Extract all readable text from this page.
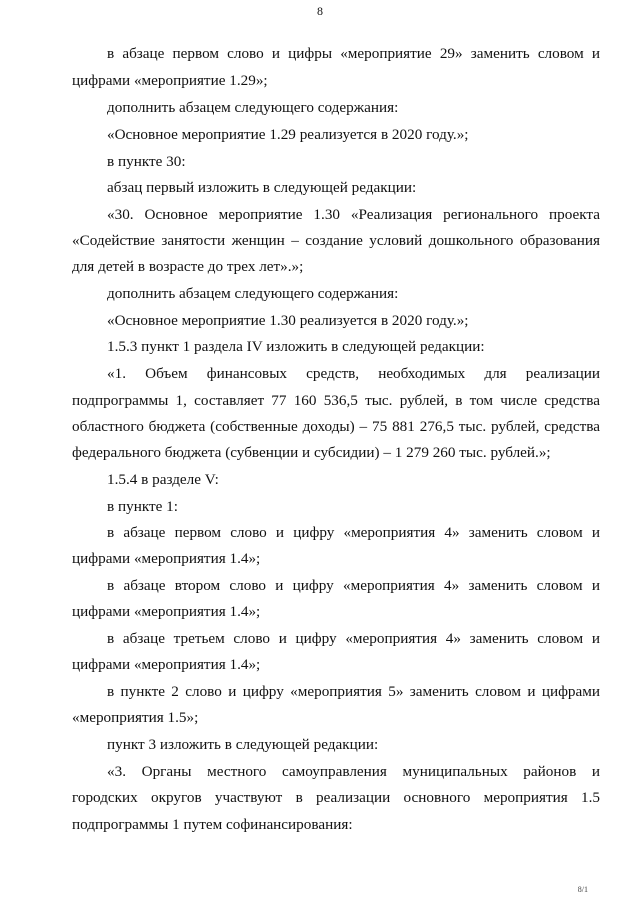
8
в абзаце первом слово и цифры «мероприятие 29» заменить словом и
цифрами «мероприятие 1.29»;
дополнить абзацем следующего содержания:
«Основное мероприятие 1.29 реализуется в 2020 году.»;
в пункте 30:
абзац первый изложить в следующей редакции:
«30. Основное мероприятие 1.30 «Реализация регионального проекта
«Содействие занятости женщин – создание условий дошкольного образования
для детей в возрасте до трех лет».»;
дополнить абзацем следующего содержания:
«Основное мероприятие 1.30 реализуется в 2020 году.»;
1.5.3 пункт 1 раздела IV изложить в следующей редакции:
«1. Объем финансовых средств, необходимых для реализации
подпрограммы 1, составляет 77 160 536,5 тыс. рублей, в том числе средства
областного бюджета (собственные доходы) – 75 881 276,5 тыс. рублей, средства
федерального бюджета (субвенции и субсидии) – 1 279 260 тыс. рублей.»;
1.5.4 в разделе V:
в пункте 1:
в абзаце первом слово и цифру «мероприятия 4» заменить словом и
цифрами «мероприятия 1.4»;
в абзаце втором слово и цифру «мероприятия 4» заменить словом и
цифрами «мероприятия 1.4»;
в абзаце третьем слово и цифру «мероприятия 4» заменить словом и
цифрами «мероприятия 1.4»;
в пункте 2 слово и цифру «мероприятия 5» заменить словом и цифрами
«мероприятия 1.5»;
пункт 3 изложить в следующей редакции:
«3. Органы местного самоуправления муниципальных районов и
городских округов участвуют в реализации основного мероприятия 1.5
подпрограммы 1 путем софинансирования:
8/1
